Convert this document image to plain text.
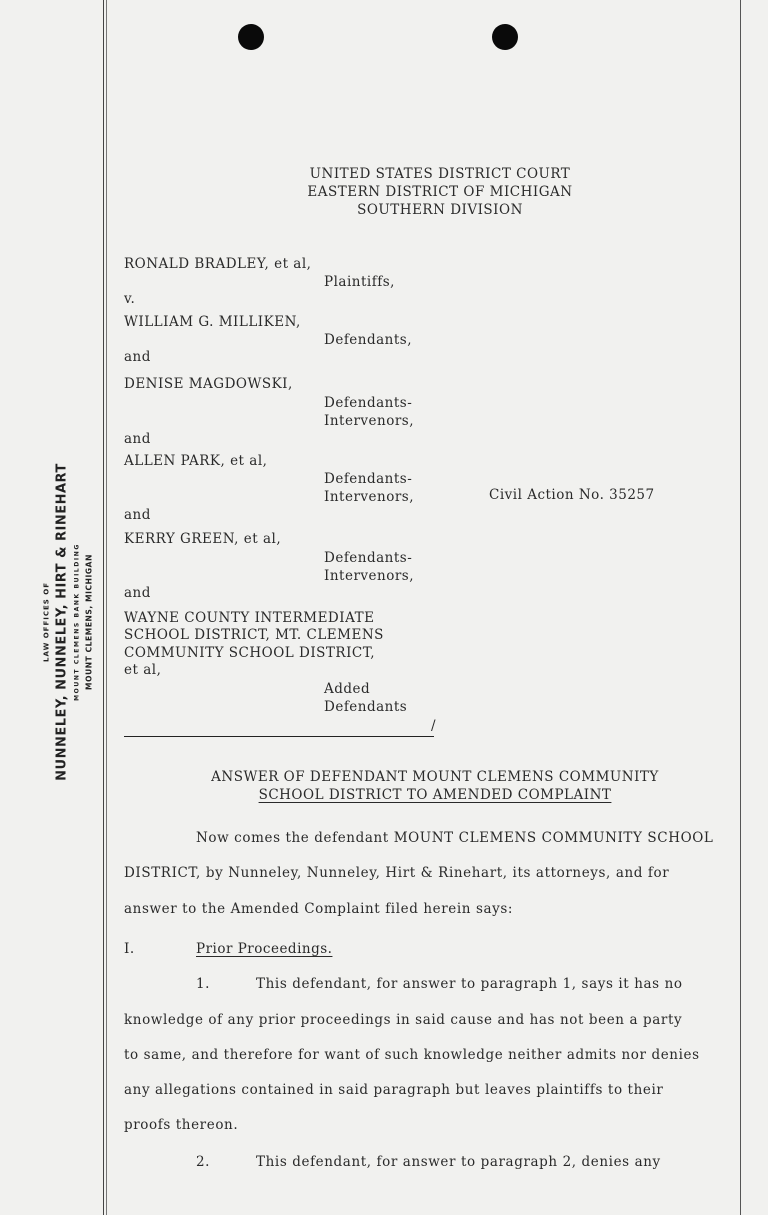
LAW OFFICES OF NUNNELEY, NUNNELEY, HIRT & RINEHART MOUNT CLEMENS BANK BUILDING MOUNT CLEMENS, MICHIGAN
UNITED STATES DISTRICT COURT
EASTERN DISTRICT OF MICHIGAN
SOUTHERN DIVISION
RONALD BRADLEY, et al,
Plaintiffs,
v.
WILLIAM G. MILLIKEN,
Defendants,
and
DENISE MAGDOWSKI,
Defendants-
Intervenors,
and
ALLEN PARK, et al,
Defendants-
Intervenors,	Civil Action No. 35257
and
KERRY GREEN, et al,
Defendants-
Intervenors,
and
WAYNE COUNTY INTERMEDIATE
SCHOOL DISTRICT, MT. CLEMENS
COMMUNITY SCHOOL DISTRICT,
et al,
Added
Defendants
/
ANSWER OF DEFENDANT MOUNT CLEMENS COMMUNITY
SCHOOL DISTRICT TO AMENDED COMPLAINT
Now comes the defendant MOUNT CLEMENS COMMUNITY SCHOOL
DISTRICT, by Nunneley, Nunneley, Hirt & Rinehart, its attorneys, and for
answer to the Amended Complaint filed herein says:
I.	Prior Proceedings.
1.	This defendant, for answer to paragraph 1, says it has no
knowledge of any prior proceedings in said cause and has not been a party
to same, and therefore for want of such knowledge neither admits nor denies
any allegations contained in said paragraph but leaves plaintiffs to their
proofs thereon.
2.	This defendant, for answer to paragraph 2, denies any
